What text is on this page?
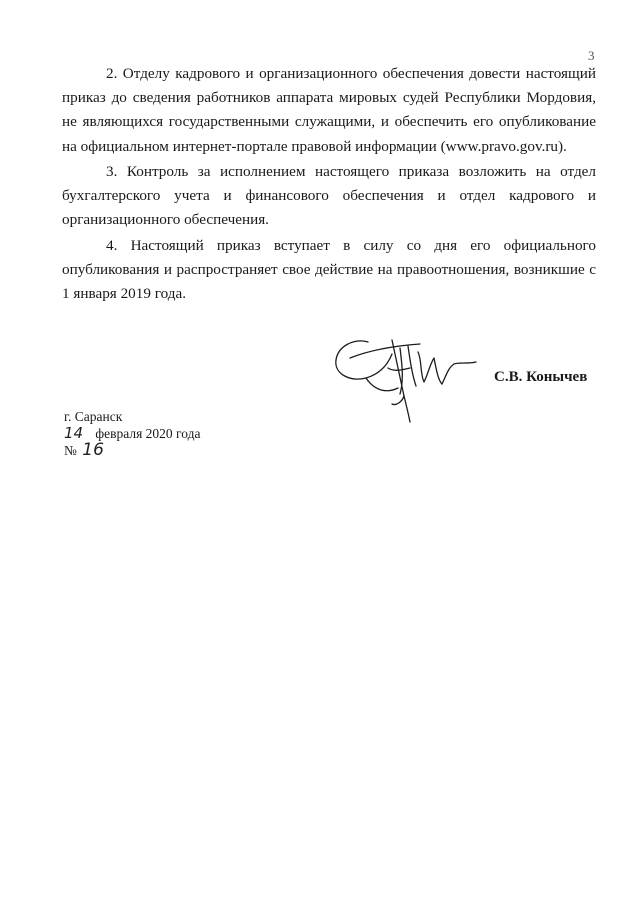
3

2. Отделу кадрового и организационного обеспечения довести настоящий приказ до сведения работников аппарата мировых судей Республики Мордовия, не являющихся государственными служащими, и обеспечить его опубликование на официальном интернет-портале правовой информации (www.pravo.gov.ru).

3. Контроль за исполнением настоящего приказа возложить на отдел бухгалтерского учета и финансового обеспечения и отдел кадрового и организационного обеспечения.

4. Настоящий приказ вступает в силу со дня его официального опубликования и распространяет свое действие на правоотношения, возникшие с 1 января 2019 года.

С.В. Конычев
г. Саранск
14 февраля 2020 года
№ 16
